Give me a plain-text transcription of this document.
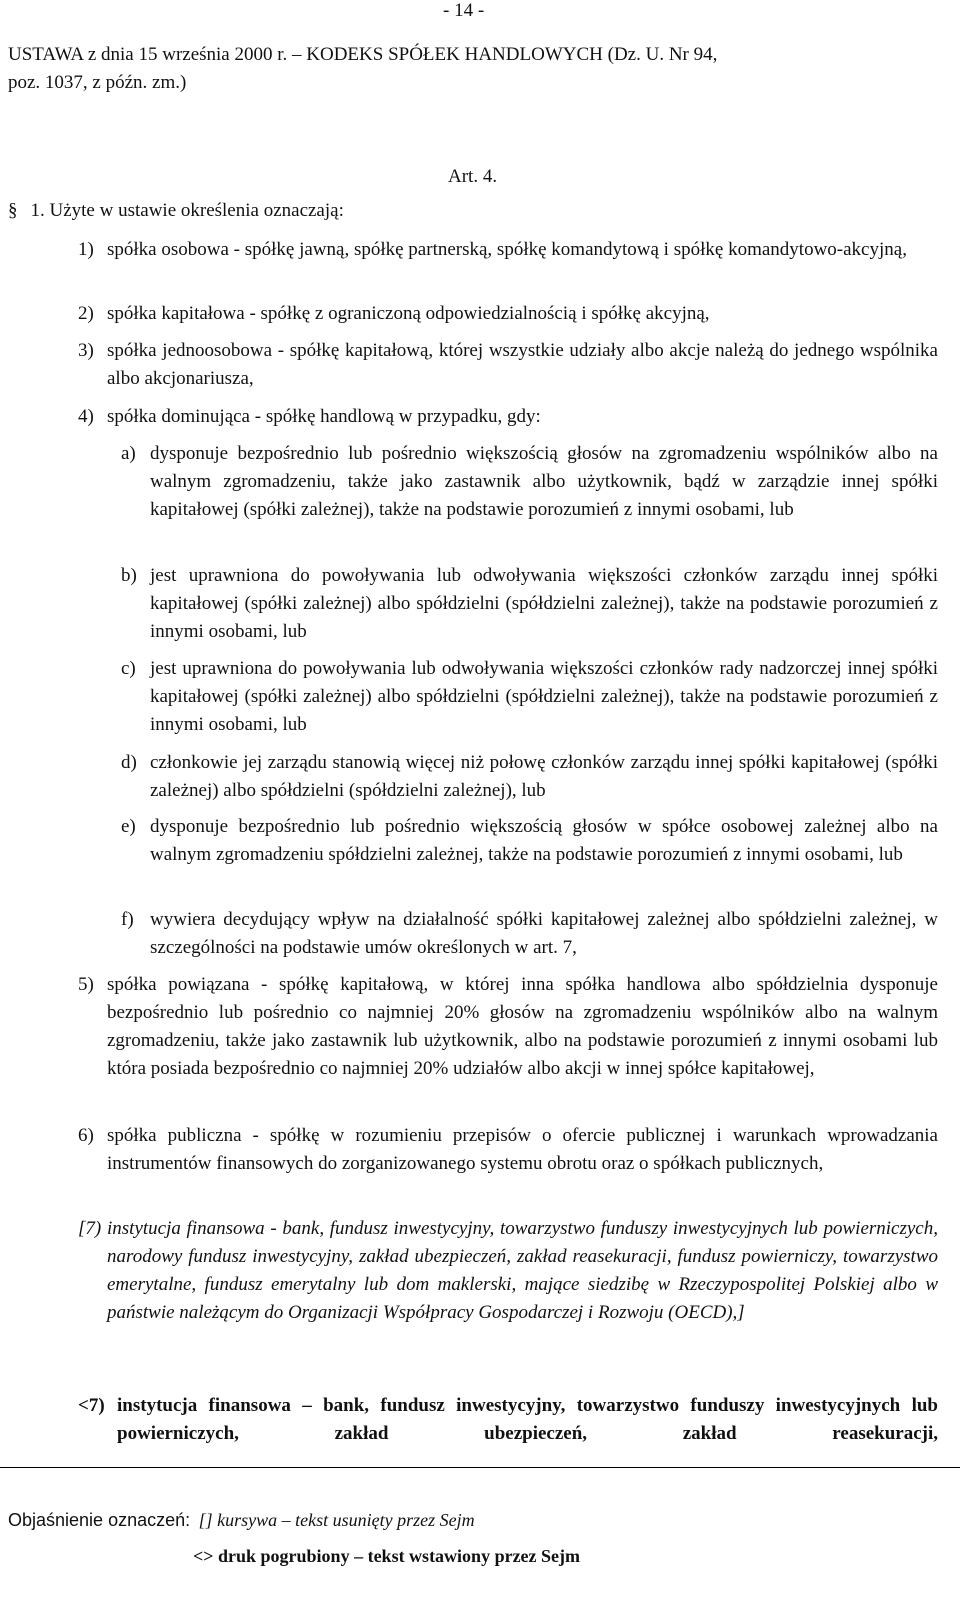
- 14 -
USTAWA z dnia 15 września 2000 r. – KODEKS SPÓŁEK HANDLOWYCH (Dz. U. Nr 94,
poz. 1037, z późn. zm.)
Art. 4.
§ 1. Użyte w ustawie określenia oznaczają:
1) spółka osobowa - spółkę jawną, spółkę partnerską, spółkę komandytową i spółkę komandytowo-akcyjną,
2) spółka kapitałowa - spółkę z ograniczoną odpowiedzialnością i spółkę akcyjną,
3) spółka jednoosobowa - spółkę kapitałową, której wszystkie udziały albo akcje należą do jednego wspólnika albo akcjonariusza,
4) spółka dominująca - spółkę handlową w przypadku, gdy:
a) dysponuje bezpośrednio lub pośrednio większością głosów na zgromadzeniu wspólników albo na walnym zgromadzeniu, także jako zastawnik albo użytkownik, bądź w zarządzie innej spółki kapitałowej (spółki zależnej), także na podstawie porozumień z innymi osobami, lub
b) jest uprawniona do powoływania lub odwoływania większości członków zarządu innej spółki kapitałowej (spółki zależnej) albo spółdzielni (spółdzielni zależnej), także na podstawie porozumień z innymi osobami, lub
c) jest uprawniona do powoływania lub odwoływania większości członków rady nadzorczej innej spółki kapitałowej (spółki zależnej) albo spółdzielni (spółdzielni zależnej), także na podstawie porozumień z innymi osobami, lub
d) członkowie jej zarządu stanowią więcej niż połowę członków zarządu innej spółki kapitałowej (spółki zależnej) albo spółdzielni (spółdzielni zależnej), lub
e) dysponuje bezpośrednio lub pośrednio większością głosów w spółce osobowej zależnej albo na walnym zgromadzeniu spółdzielni zależnej, także na podstawie porozumień z innymi osobami, lub
f) wywiera decydujący wpływ na działalność spółki kapitałowej zależnej albo spółdzielni zależnej, w szczególności na podstawie umów określonych w art. 7,
5) spółka powiązana - spółkę kapitałową, w której inna spółka handlowa albo spółdzielnia dysponuje bezpośrednio lub pośrednio co najmniej 20% głosów na zgromadzeniu wspólników albo na walnym zgromadzeniu, także jako zastawnik lub użytkownik, albo na podstawie porozumień z innymi osobami lub która posiada bezpośrednio co najmniej 20% udziałów albo akcji w innej spółce kapitałowej,
6) spółka publiczna - spółkę w rozumieniu przepisów o ofercie publicznej i warunkach wprowadzania instrumentów finansowych do zorganizowanego systemu obrotu oraz o spółkach publicznych,
[7) instytucja finansowa - bank, fundusz inwestycyjny, towarzystwo funduszy inwestycyjnych lub powierniczych, narodowy fundusz inwestycyjny, zakład ubezpieczeń, zakład reasekuracji, fundusz powierniczy, towarzystwo emerytalne, fundusz emerytalny lub dom maklerski, mające siedzibę w Rzeczypospolitej Polskiej albo w państwie należącym do Organizacji Współpracy Gospodarczej i Rozwoju (OECD),]
<7) instytucja finansowa – bank, fundusz inwestycyjny, towarzystwo funduszy inwestycyjnych lub powierniczych, zakład ubezpieczeń, zakład reasekuracji,
Objaśnienie oznaczeń: [] kursywa – tekst usunięty przez Sejm
<> druk pogrubiony – tekst wstawiony przez Sejm
